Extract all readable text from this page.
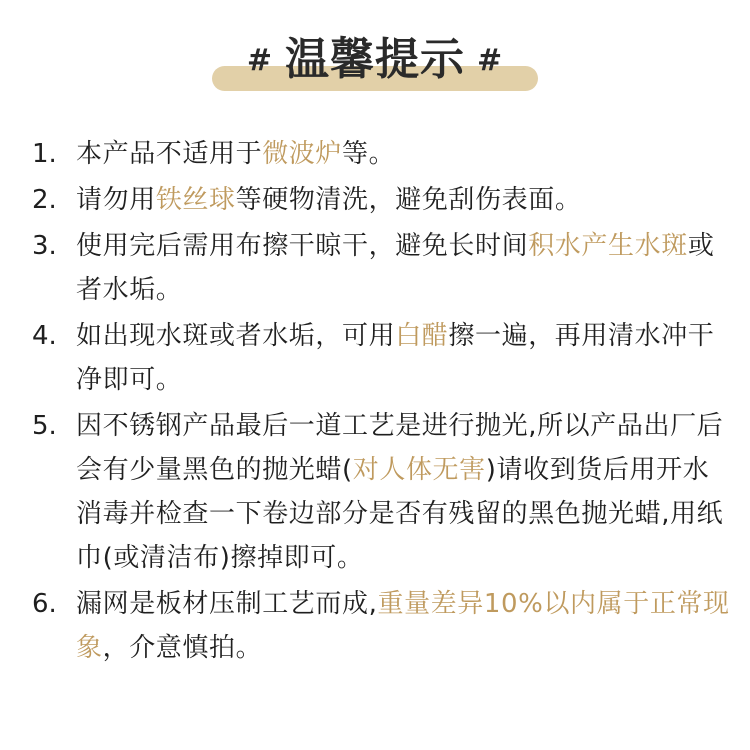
# 温馨提示 #
1. 本产品不适用于微波炉等。
2. 请勿用铁丝球等硬物清洗，避免刮伤表面。
3. 使用完后需用布擦干晾干，避免长时间积水产生水斑或者水垢。
4. 如出现水斑或者水垢，可用白醋擦一遍，再用清水冲干净即可。
5. 因不锈钢产品最后一道工艺是进行抛光,所以产品出厂后会有少量黑色的抛光蜡(对人体无害)请收到货后用开水消毒并检查一下卷边部分是否有残留的黑色抛光蜡,用纸巾(或清洁布)擦掉即可。
6. 漏网是板材压制工艺而成,重量差异10%以内属于正常现象，介意慎拍。
